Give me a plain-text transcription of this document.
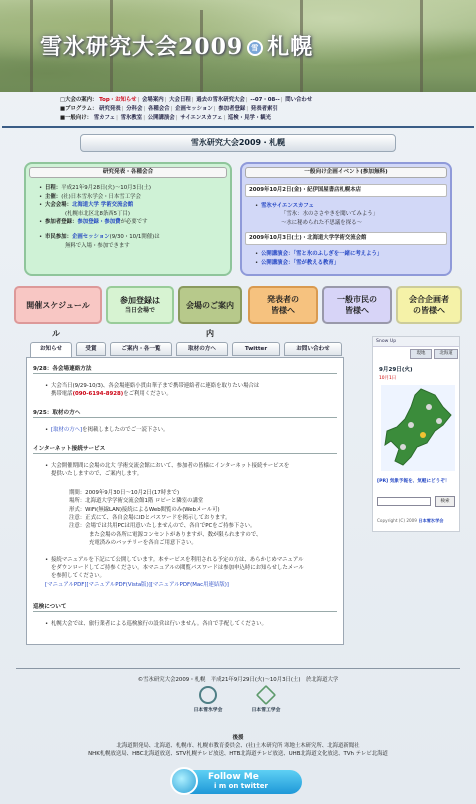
雪氷研究大会2009 雪 札幌
□大会の案内： Top・お知らせ| 会場案内| 大会日程| 過去の雪氷研究大会| --07・08--| 問い合わせ
■プログラム： 研究発表| 分科会| 各種会合| 企画セッション| 参加者登録| 発表者索引
■一般向け： 雪カフェ| 雪氷教室| 公開講演会| サイエンスカフェ| 巡検・見学・観光
雪氷研究大会2009・札幌
研究発表・各種会合
• 日程：平成21年9月28日(火)～10月3日(土)
• 主催：(社)日本雪氷学会・日本雪工学会
• 大会会場：北海道大学 学術交流会館
(札幌市北区北8条西5丁目)
• 参加者登録：参加登録・参加費が必要です
• 市民参加：企画セッション(9/30・10/1開催)は
無料で入場・参加できます
一般向け企画イベント(参加無料)
2009年10月2日(金)・紀伊国屋書店札幌本店
• 雪氷サイエンスカフェ
「雪氷：水のささやきを聞いてみよう」
～水に秘められた不思議を探る～
2009年10月3日(土)・北海道大学学術交流会館
• 公開講演会：「雪と氷のふしぎを一緒に考えよう」
• 公開講演会：「雪が教える教育」
開催スケジュール	参加登録は
当日会場で
会場のご案内
発表者の
皆様へ
一般市民の
皆様へ
会合企画者
の皆様へ
ル	内
お知らせ	受賞	ご案内・各一覧	取材の方へ	Twitter	お問い合わせ
9/28：各会場連絡方法
• 大会当日(9/29-10/3)、各会場連絡小貫由華子まで携帯連絡者に連絡を取りたい場合は
携帯電話(090-6194-8928)をご利用ください。
9/25：取材の方へ
• [取材の方へ]を掲載しましたのでご一読下さい。
インターネット接続サービス
• 大会開催期間に会場の北大 学術交流会館において、参加者の皆様にインターネット接続サービスを
提供いたしますので、ご案内します。
期間：2009年9月30日～10月2日(17時まで)
場所：北海道大学学術交流会館1階 ロビーと隣室の講堂
形式：WiFi(無線LAN)接続によるWeb閲覧のみ(Webメール可)
注意：正式にて、各自会場にIDとパスワードを掲示しております。
注意：会場では共用PCは用意いたしませんので、各自でPCをご持参下さい。
また会場の各所に電源コンセントがありますが、数が限られますので、
充電済みのバッテリーを各自ご用意下さい。
• 接続マニュアルを下記にて公開しています。本サービスを利用される予定の方は、あらかじめマニュアル
をダウンロードしてご持参ください。本マニュアルの閲覧パスワードは参加申込時にお知らせしたメール
を参照してください。
[マニュアルPDF][マニュアルPDF(Vista版)][マニュアルPDF(Mac用連結版)]
巡検について
• 札幌大会では、旅行業者による巡検旅行の設営は行いません。各自で手配してください。
Snow Up
現地	北海道
9月29日(火)
10月1日
[PR] 気象予報を、気軽にどうぞ！
検索
Copyright (C) 2009 日本雪氷学会
©雪氷研究大会2009・札幌　平成21年9月29日(火)～10月3日(土)　於北海道大学
日本雪氷学会	日本雪工学会
後援
北海道開発局、北海道、札幌市、札幌市教育委員会、(社)土木研究所 寒地土木研究所、北海道新聞社
NHK札幌放送局、HBC北海道放送、STV札幌テレビ放送、HTB北海道テレビ放送、UHB北海道文化放送、TVh テレビ北海道
Follow Me
i m on twitter
